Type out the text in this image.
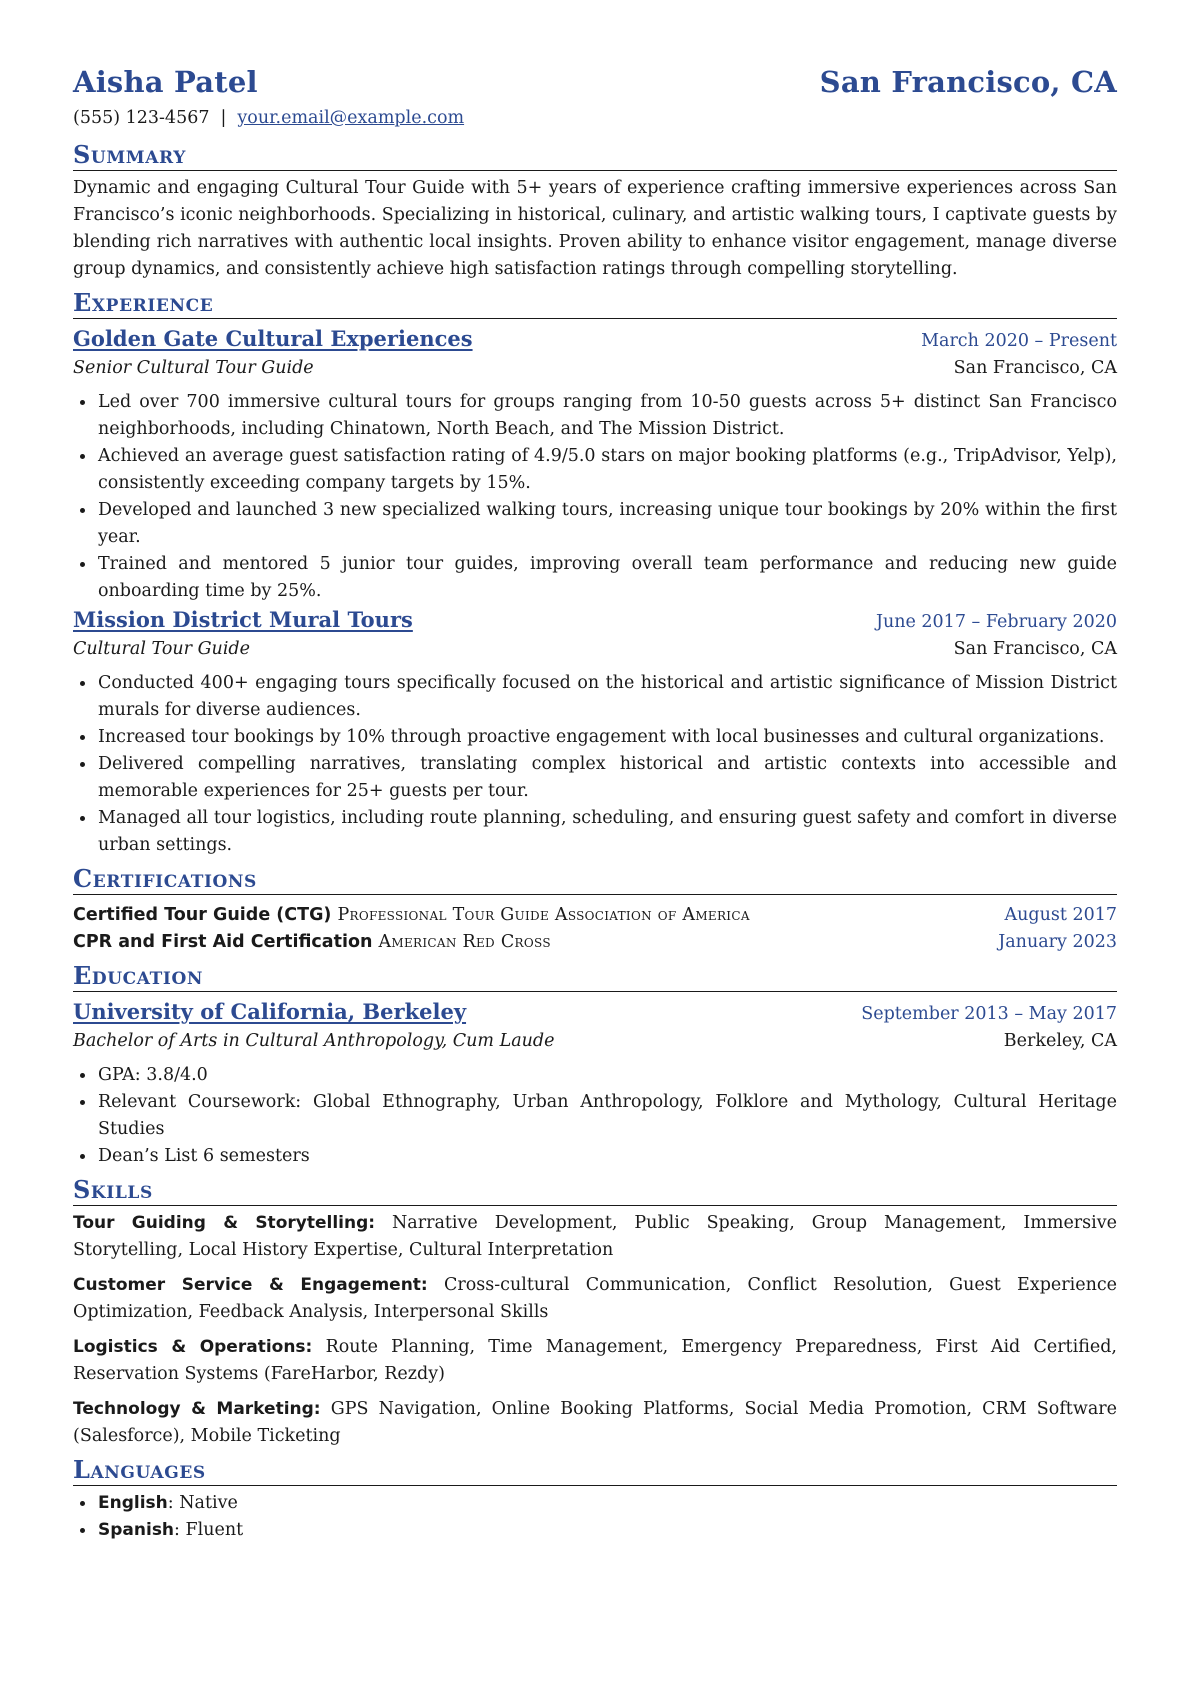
Aisha Patel	San Francisco, CA
(555) 123-4567 | your.email@example.com
Summary
Dynamic and engaging Cultural Tour Guide with 5+ years of experience crafting immersive experiences across San Francisco’s iconic neighborhoods. Specializing in historical, culinary, and artistic walking tours, I captivate guests by blending rich narratives with authentic local insights. Proven ability to enhance visitor engagement, manage diverse group dynamics, and consistently achieve high satisfaction ratings through compelling storytelling.
Experience
Golden Gate Cultural Experiences	March 2020 – Present
Senior Cultural Tour Guide	San Francisco, CA
Led over 700 immersive cultural tours for groups ranging from 10-50 guests across 5+ distinct San Francisco neighborhoods, including Chinatown, North Beach, and The Mission District.
Achieved an average guest satisfaction rating of 4.9/5.0 stars on major booking platforms (e.g., TripAdvisor, Yelp), consistently exceeding company targets by 15%.
Developed and launched 3 new specialized walking tours, increasing unique tour bookings by 20% within the first year.
Trained and mentored 5 junior tour guides, improving overall team performance and reducing new guide onboarding time by 25%.
Mission District Mural Tours	June 2017 – February 2020
Cultural Tour Guide	San Francisco, CA
Conducted 400+ engaging tours specifically focused on the historical and artistic significance of Mission District murals for diverse audiences.
Increased tour bookings by 10% through proactive engagement with local businesses and cultural organizations.
Delivered compelling narratives, translating complex historical and artistic contexts into accessible and memorable experiences for 25+ guests per tour.
Managed all tour logistics, including route planning, scheduling, and ensuring guest safety and comfort in diverse urban settings.
Certifications
Certified Tour Guide (CTG) Professional Tour Guide Association of America	August 2017
CPR and First Aid Certification American Red Cross	January 2023
Education
University of California, Berkeley	September 2013 – May 2017
Bachelor of Arts in Cultural Anthropology, Cum Laude	Berkeley, CA
GPA: 3.8/4.0
Relevant Coursework: Global Ethnography, Urban Anthropology, Folklore and Mythology, Cultural Heritage Studies
Dean’s List 6 semesters
Skills
Tour Guiding & Storytelling: Narrative Development, Public Speaking, Group Management, Immersive Storytelling, Local History Expertise, Cultural Interpretation
Customer Service & Engagement: Cross-cultural Communication, Conflict Resolution, Guest Experience Optimization, Feedback Analysis, Interpersonal Skills
Logistics & Operations: Route Planning, Time Management, Emergency Preparedness, First Aid Certified, Reservation Systems (FareHarbor, Rezdy)
Technology & Marketing: GPS Navigation, Online Booking Platforms, Social Media Promotion, CRM Software (Salesforce), Mobile Ticketing
Languages
English: Native
Spanish: Fluent
